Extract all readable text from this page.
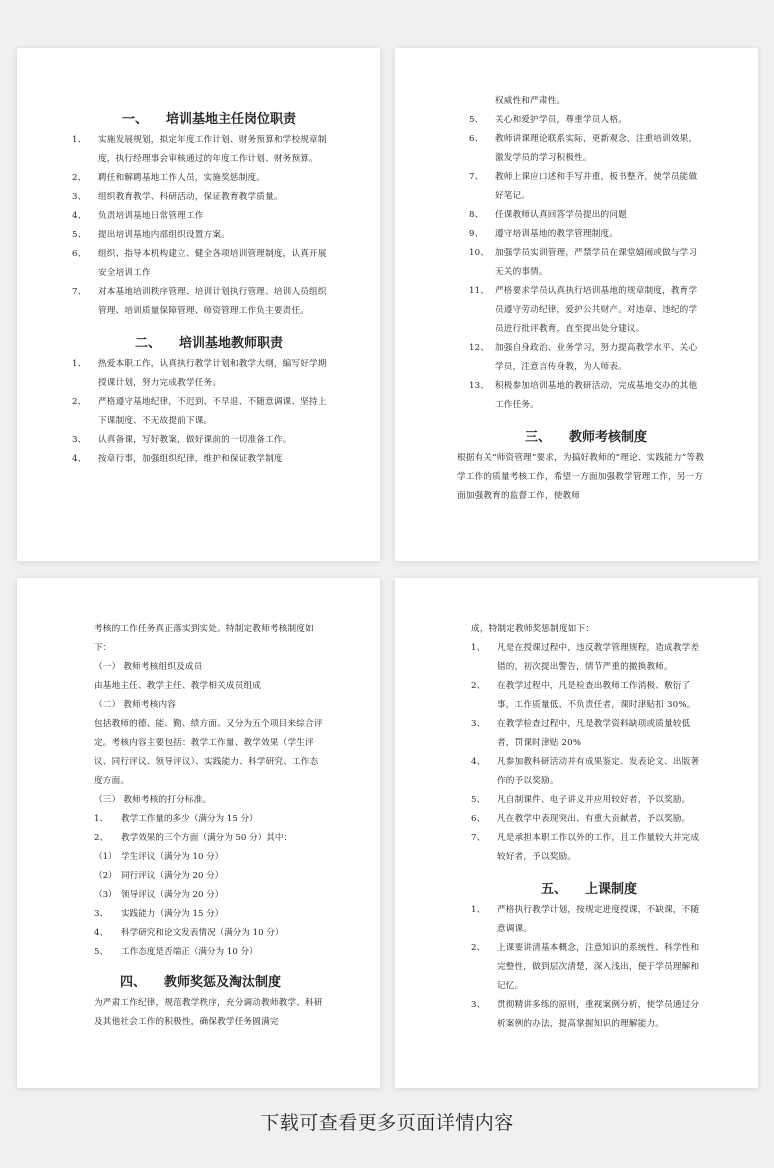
一、 培训基地主任岗位职责
1、	实施发展规划，拟定年度工作计划、财务预算和学校规章制度，执行经理事会审核通过的年度工作计划、财务预算。
2、	聘任和解聘基地工作人员，实施奖惩制度。
3、	组织教育教学、科研活动，保证教育教学质量。
4、	负责培训基地日常管理工作
5、	提出培训基地内部组织设置方案。
6、	组织、指导本机构建立、健全各项培训管理制度，认真开展安全培训工作
7、	对本基地培训秩序管理、培训计划执行管理、培训人员组织管理、培训质量保障管理、师资管理工作负主要责任。
二、 培训基地教师职责
1、	热爱本职工作，认真执行教学计划和教学大纲，编写好学期授课计划，努力完成教学任务。
2、	严格遵守基地纪律，不迟到、不早退、不随意调课、坚持上下课制度、不无故提前下课。
3、	认真备课，写好教案，做好课前的一切准备工作。
4、	按章行事，加强组织纪律，维护和保证教学制度

权威性和严肃性。

5、	关心和爱护学员，尊重学员人格。
6、	教师讲课理论联系实际，更新观念，注重培训效果，激发学员的学习积极性。
7、	教师上课应口述和手写并重，板书整齐，使学员能做好笔记。
8、	任课教师认真回答学员提出的问题
9、	遵守培训基地的教学管理制度。
10、 加强学员实训管理，严禁学员在课堂嬉闹或做与学习无关的事情。
11、 严格要求学员认真执行培训基地的规章制度，教育学员遵守劳动纪律，爱护公共财产。对违章、违纪的学员进行批评教育，直至提出处分建议。
12、 加强自身政治、业务学习，努力提高教学水平、关心学员，注意言传身教，为人师表。
13、 积极参加培训基地的教研活动，完成基地交办的其他工作任务。
三、 教师考核制度

根据有关“师资管理”要求，为搞好教师的“理论、实践能力”等教学工作的质量考核工作，希望一方面加强教学管理工作，另一方面加强教育的监督工作，使教师

考核的工作任务真正落实到实处。特制定教师考核制度如下：

（一） 教师考核组织及成员

由基地主任、教学主任、教学相关成员组成

（二） 教师考核内容

包括教师的德、能、勤、绩方面。又分为五个项目来综合评定。考核内容主要包括：教学工作量、教学效果（学生评议、同行评议、领导评议）、实践能力、科学研究、工作态度方面。

（三） 教师考核的打分标准。

1、	教学工作量的多少（满分为 15 分）
2、	教学效果的三个方面（满分为 50 分）其中：
（1） 学生评议（满分为 10 分）
（2） 同行评议（满分为 20 分）
（3） 领导评议（满分为 20 分）
3、	实践能力（满分为 15 分）
4、	科学研究和论文发表情况（满分为 10 分）
5、	工作态度是否端正（满分为 10 分）
四、 教师奖惩及淘汰制度

为严肃工作纪律，规范教学秩序，充分调动教师教学、科研及其他社会工作的积极性，确保教学任务圆满完

成，特制定教师奖惩制度如下：

1、	凡是在授课过程中，违反教学管理规程，造成教学差错的，初次提出警告，情节严重的撤换教师。
2、	在教学过程中，凡是检查出教师工作消极、敷衍了事，工作质量低、不负责任者，课时津贴扣 30%。
3、	在教学检查过程中，凡是教学资料缺项或质量较低者，罚课时津贴 20%
4、	凡参加教科研活动并有成果鉴定、发表论文、出版著作的予以奖励。
5、	凡自制课件、电子讲义并应用较好者，予以奖励。
6、	凡在教学中表现突出、有重大贡献者，予以奖励。
7、	凡是承担本职工作以外的工作，且工作量较大并完成较好者，予以奖励。
五、 上课制度
1、	严格执行教学计划，按规定进度授课，不缺课，不随意调课。
2、	上课要讲清基本概念，注意知识的系统性、科学性和完整性，做到层次清楚，深入浅出，便于学员理解和记忆。
3、	贯彻精讲多练的原则，重视案例分析，使学员通过分析案例的办法，提高掌握知识的理解能力。
下载可查看更多页面详情内容
